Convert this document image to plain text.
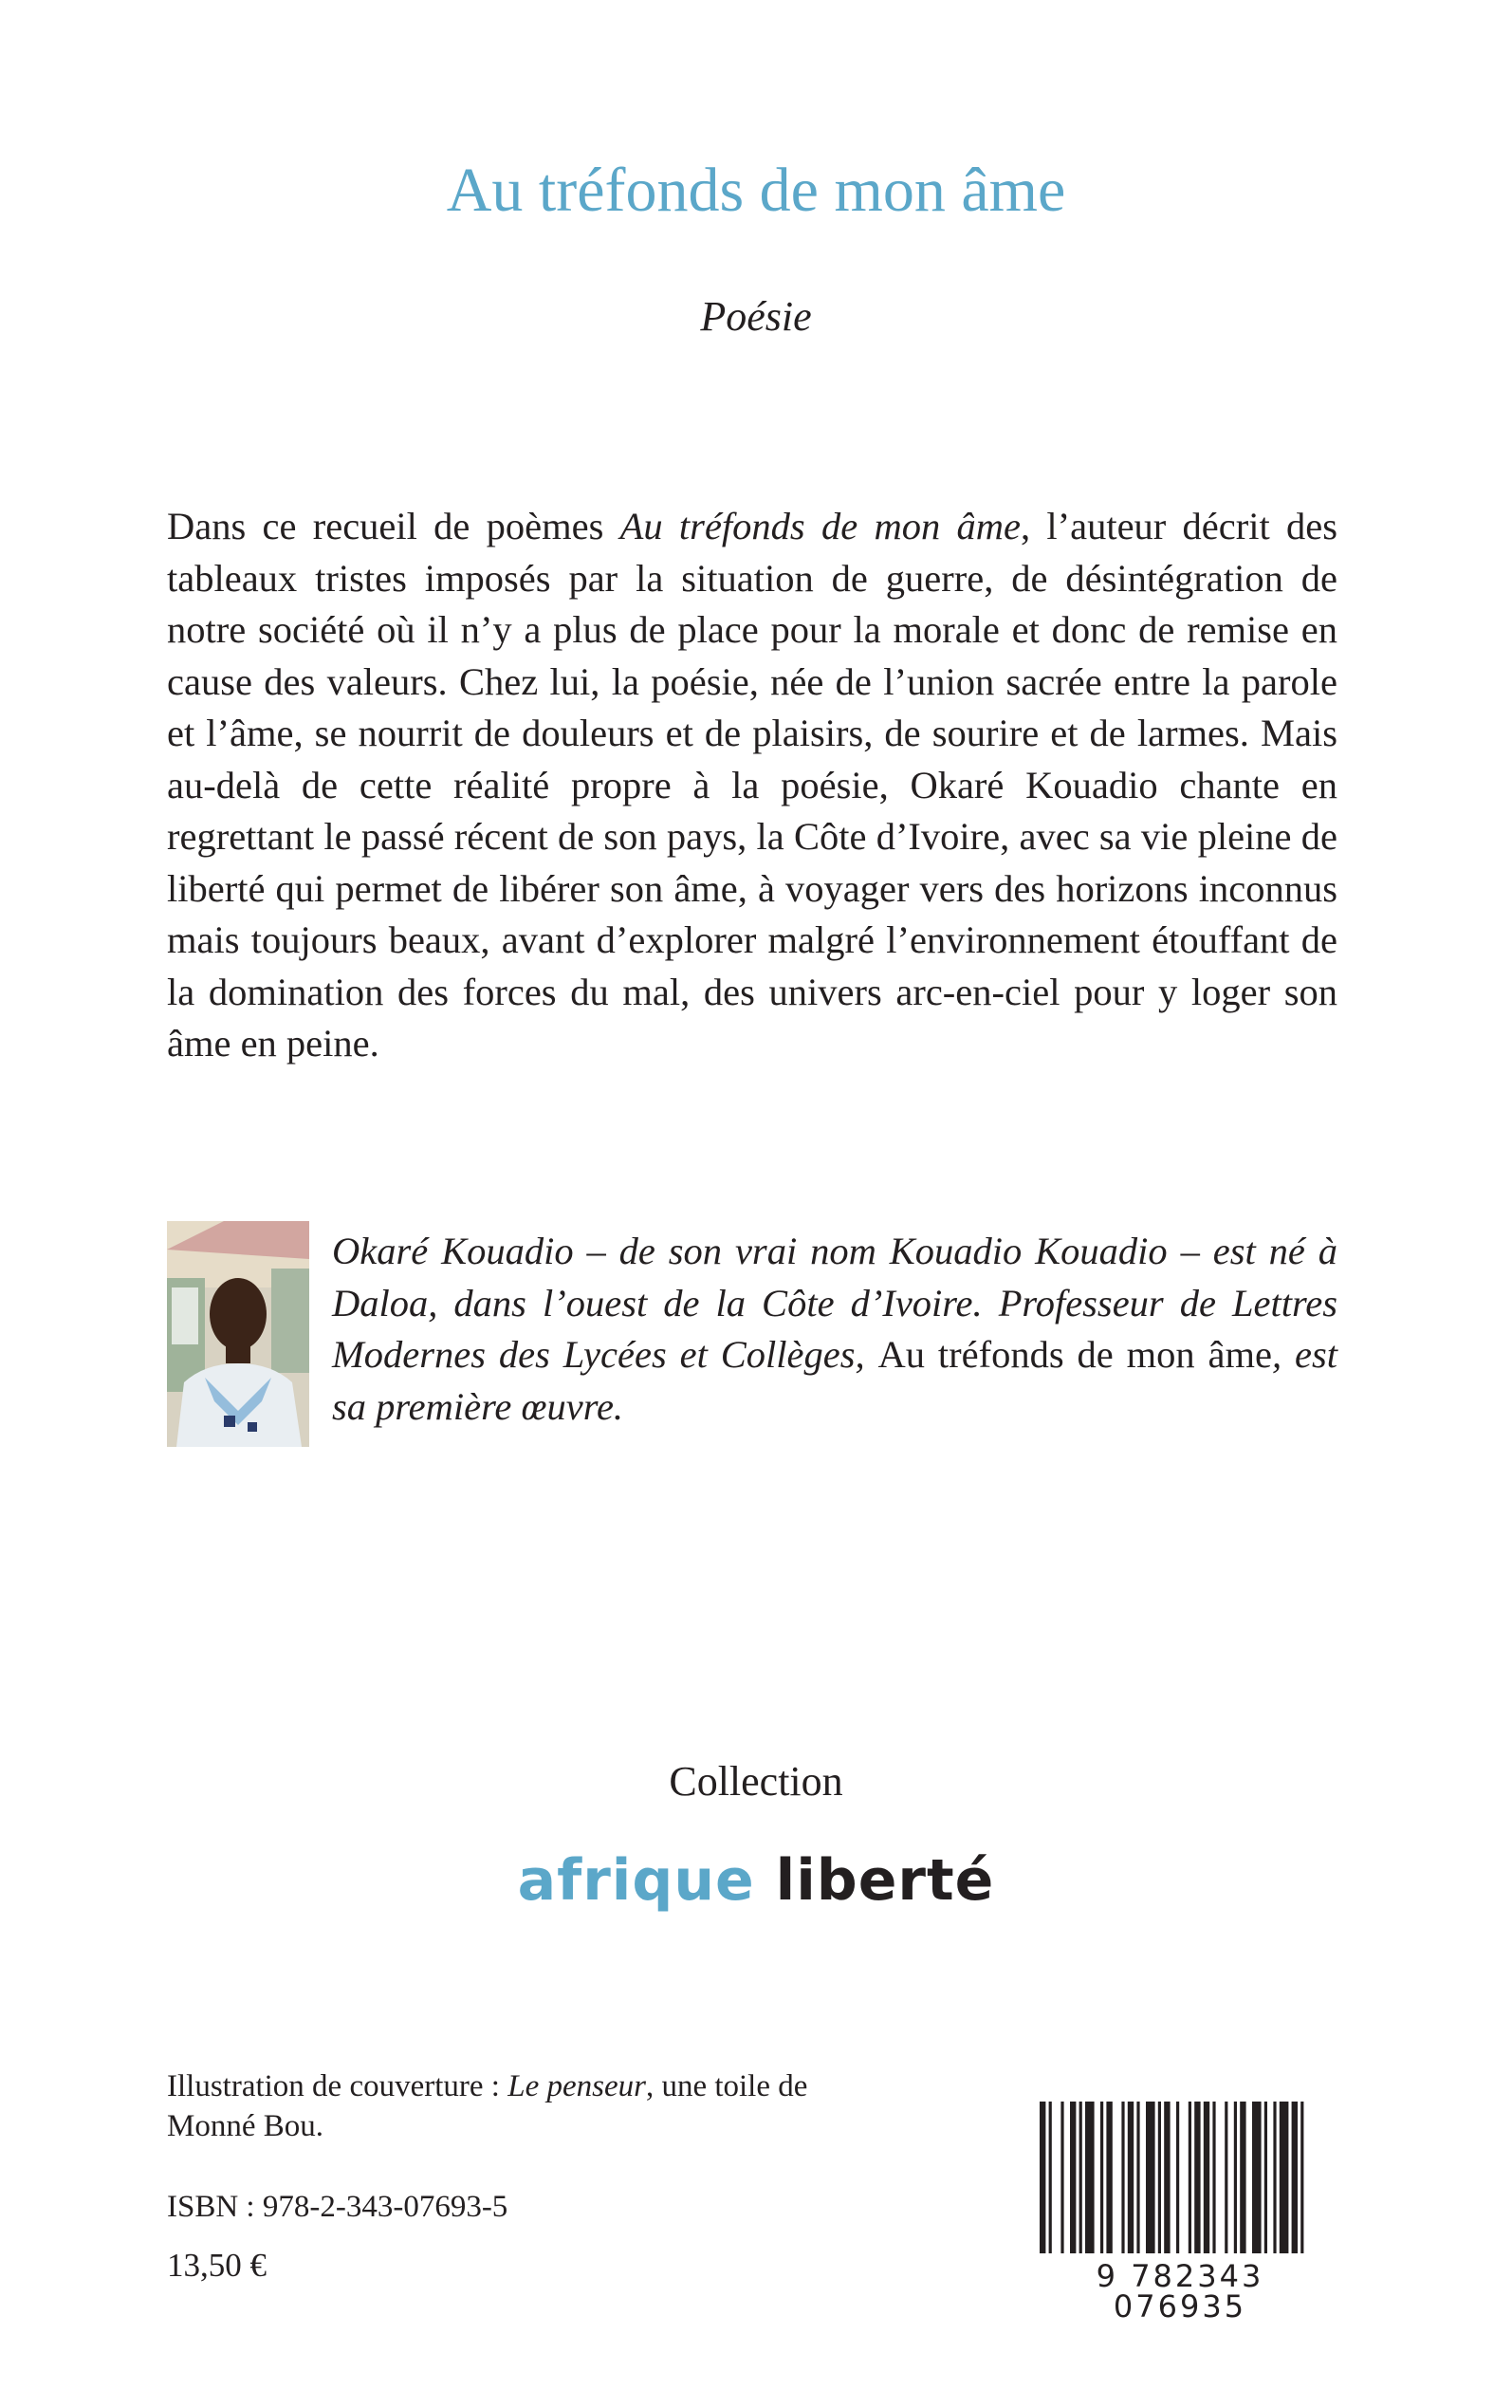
Au tréfonds de mon âme
Poésie

Dans ce recueil de poèmes Au tréfonds de mon âme, l’auteur décrit des tableaux tristes imposés par la situation de guerre, de désintégration de notre société où il n’y a plus de place pour la morale et donc de remise en cause des valeurs. Chez lui, la poésie, née de l’union sacrée entre la parole et l’âme, se nourrit de douleurs et de plaisirs, de sourire et de larmes. Mais au-delà de cette réalité propre à la poésie, Okaré Kouadio chante en regrettant le passé récent de son pays, la Côte d’Ivoire, avec sa vie pleine de liberté qui permet de libérer son âme, à voyager vers des horizons inconnus mais toujours beaux, avant d’explorer malgré l’environnement étouffant de la domination des forces du mal, des univers arc-en-ciel pour y loger son âme en peine.

Okaré Kouadio – de son vrai nom Kouadio Kouadio – est né à Daloa, dans l’ouest de la Côte d’Ivoire. Professeur de Lettres Modernes des Lycées et Collèges, Au tréfonds de mon âme, est sa première œuvre.

Collection
afrique liberté

Illustration de couverture : Le penseur, une toile de Monné Bou.

ISBN : 978-2-343-07693-5
13,50 €	9 782343 076935
